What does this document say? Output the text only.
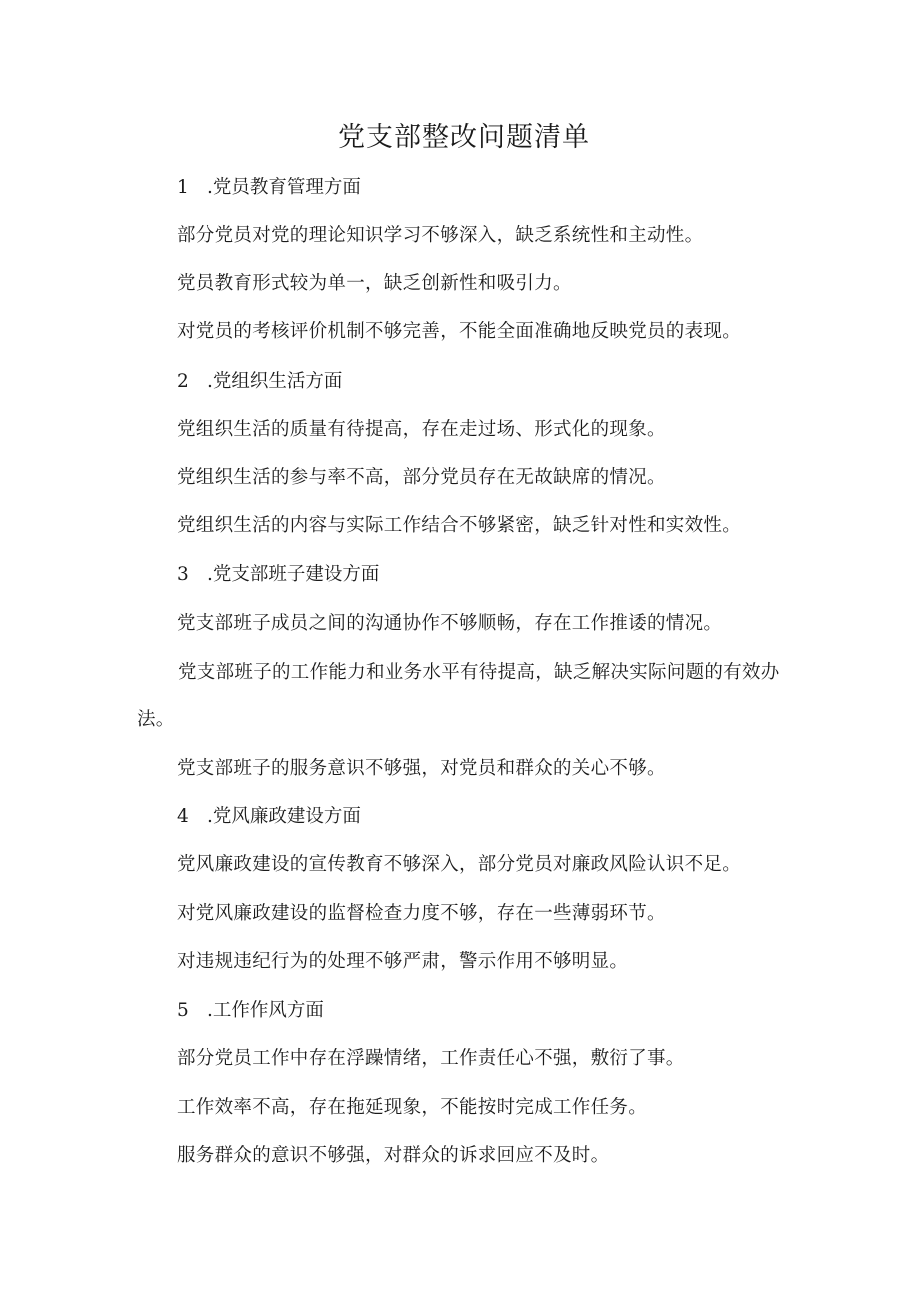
党支部整改问题清单
1 .党员教育管理方面
部分党员对党的理论知识学习不够深入，缺乏系统性和主动性。
党员教育形式较为单一，缺乏创新性和吸引力。
对党员的考核评价机制不够完善，不能全面准确地反映党员的表现。
2 .党组织生活方面
党组织生活的质量有待提高，存在走过场、形式化的现象。
党组织生活的参与率不高，部分党员存在无故缺席的情况。
党组织生活的内容与实际工作结合不够紧密，缺乏针对性和实效性。
3 .党支部班子建设方面
党支部班子成员之间的沟通协作不够顺畅，存在工作推诿的情况。
党支部班子的工作能力和业务水平有待提高，缺乏解决实际问题的有效办法。
党支部班子的服务意识不够强，对党员和群众的关心不够。
4 .党风廉政建设方面
党风廉政建设的宣传教育不够深入，部分党员对廉政风险认识不足。
对党风廉政建设的监督检查力度不够，存在一些薄弱环节。
对违规违纪行为的处理不够严肃，警示作用不够明显。
5 .工作作风方面
部分党员工作中存在浮躁情绪，工作责任心不强，敷衍了事。
工作效率不高，存在拖延现象，不能按时完成工作任务。
服务群众的意识不够强，对群众的诉求回应不及时。
